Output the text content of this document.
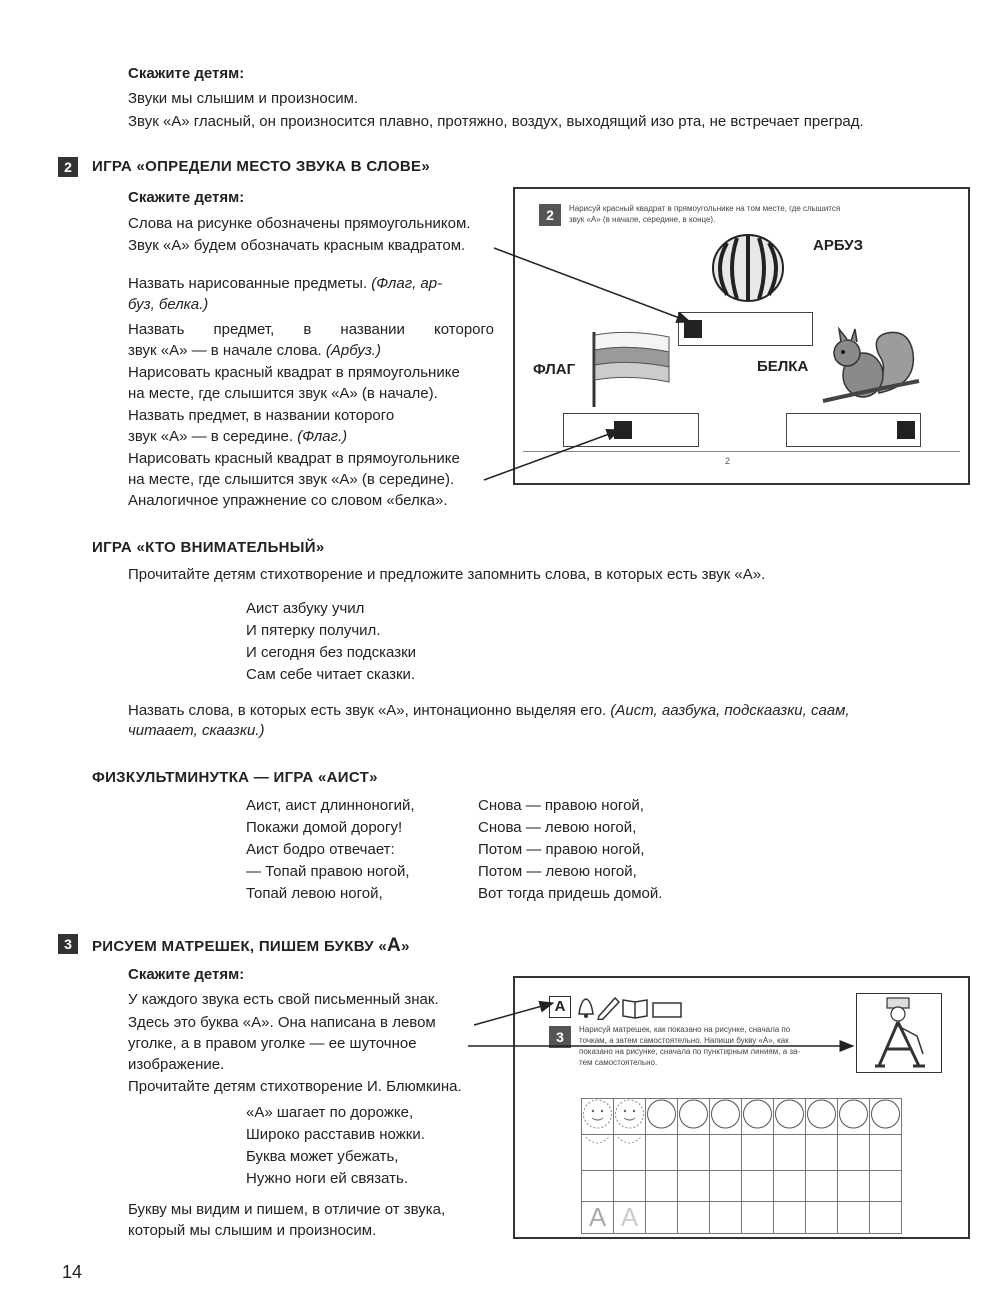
Скажите детям:
Звуки мы слышим и произносим.
Звук «А» гласный, он произносится плавно, протяжно, воздух, выходящий изо рта, не встречает преград.
2	ИГРА «ОПРЕДЕЛИ МЕСТО ЗВУКА В СЛОВЕ»
Скажите детям:
Слова на рисунке обозначены прямоугольником.
Звук «А» будем обозначать красным квадратом.
Назвать нарисованные предметы. (Флаг, ар-
буз, белка.)
Назвать предмет, в названии которого
звук «А» — в начале слова. (Арбуз.)
Нарисовать красный квадрат в прямоугольнике
на месте, где слышится звук «А» (в начале).
Назвать предмет, в названии которого
звук «А» — в середине. (Флаг.)
Нарисовать красный квадрат в прямоугольнике
на месте, где слышится звук «А» (в середине).
Аналогичное упражнение со словом «белка».
2	Нарисуй красный квадрат в прямоугольнике на том месте, где слышится
звук «А» (в начале, середине, в конце).
АРБУЗ
ФЛАГ	БЕЛКА
2
ИГРА «КТО ВНИМАТЕЛЬНЫЙ»
Прочитайте детям стихотворение и предложите запомнить слова, в которых есть звук «А».
Аист азбуку учил
И пятерку получил.
И сегодня без подсказки
Сам себе читает сказки.
Назвать слова, в которых есть звук «А», интонационно выделяя его. (Аист, аазбука, подскаазки, саам,
читаает, скаазки.)
ФИЗКУЛЬТМИНУТКА — ИГРА «АИСТ»
Аист, аист длинноногий,
Покажи домой дорогу!
Аист бодро отвечает:
— Топай правою ногой,
Топай левою ногой,
Снова — правою ногой,
Снова — левою ногой,
Потом — правою ногой,
Потом — левою ногой,
Вот тогда придешь домой.
3	РИСУЕМ МАТРЕШЕК, ПИШЕМ БУКВУ «А»
Скажите детям:
У каждого звука есть свой письменный знак.
Здесь это буква «А». Она написана в левом
уголке, а в правом уголке — ее шуточное
изображение.
Прочитайте детям стихотворение И. Блюмкина.
«А» шагает по дорожке,
Широко расставив ножки.
Буква может убежать,
Нужно ноги ей связать.
Букву мы видим и пишем, в отличие от звука,
который мы слышим и произносим.
А
3	Нарисуй матрешек, как показано на рисунке, сначала по
точкам, а затем самостоятельно. Напиши букву «А», как
показано на рисунке, сначала по пунктирным линиям, а за-
тем самостоятельно.

А	А								
14
